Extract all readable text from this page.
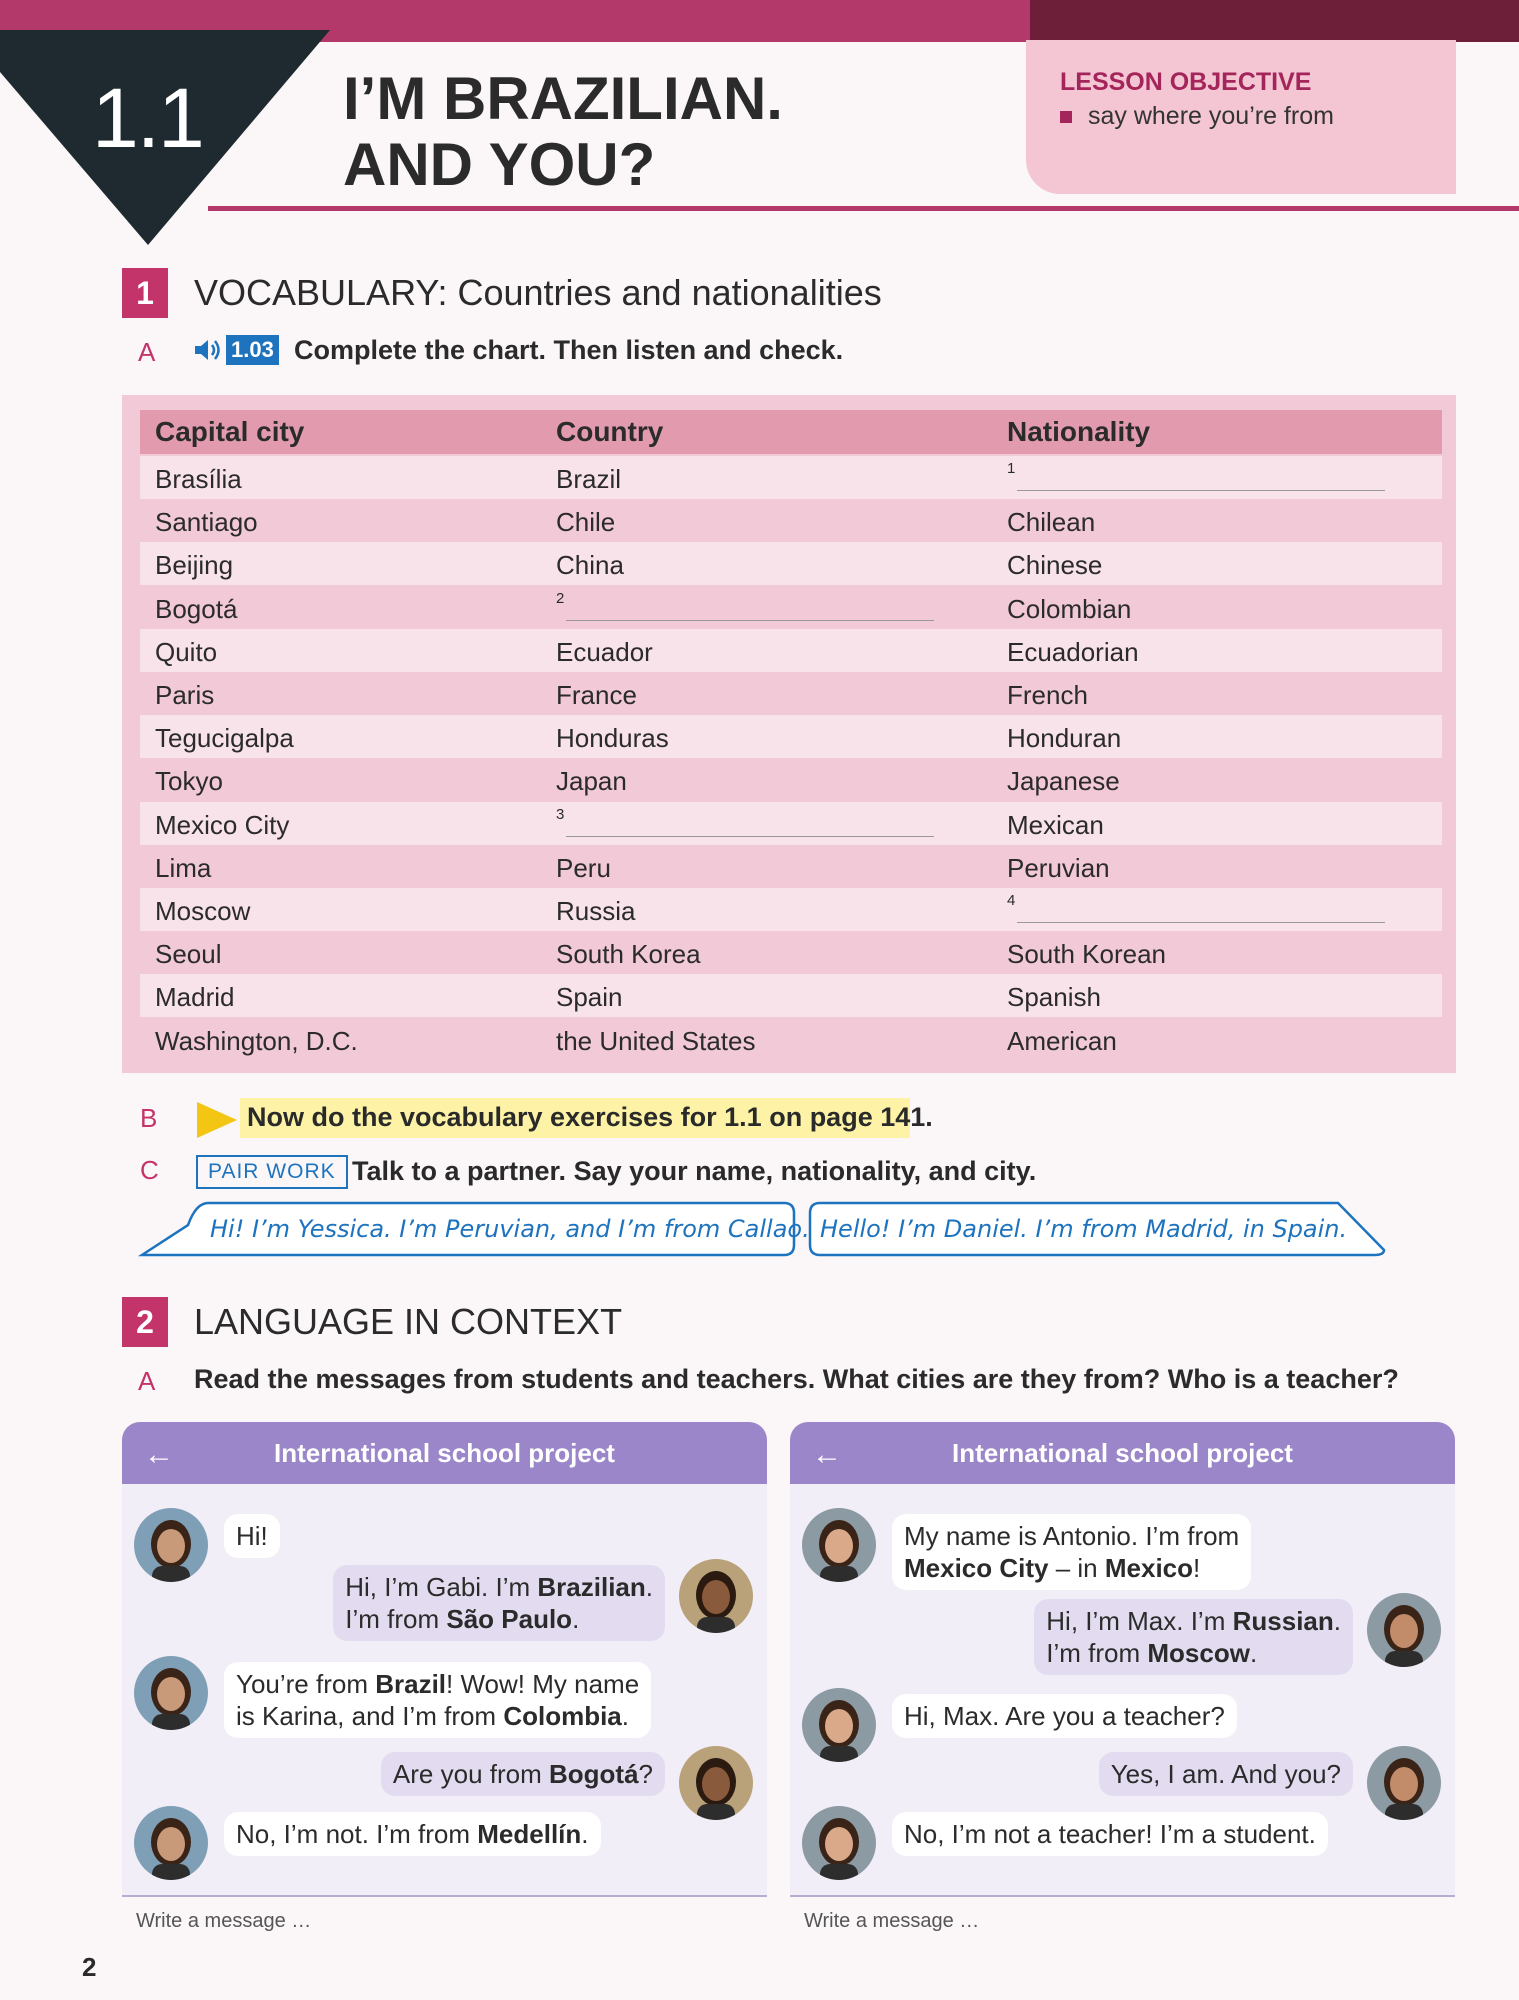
1.1 I’M BRAZILIAN.
AND YOU?
LESSON OBJECTIVE
say where you’re from
1	VOCABULARY: Countries and nationalities
A	1.03 Complete the chart. Then listen and check.
Capital city	Country	Nationality
Brasília	Brazil	1
Santiago	Chile	Chilean
Beijing	China	Chinese
Bogotá	2	Colombian
Quito	Ecuador	Ecuadorian
Paris	France	French
Tegucigalpa	Honduras	Honduran
Tokyo	Japan	Japanese
Mexico City	3	Mexican
Lima	Peru	Peruvian
Moscow	Russia	4
Seoul	South Korea	South Korean
Madrid	Spain	Spanish
Washington, D.C.	the United States	American
B	Now do the vocabulary exercises for 1.1 on page 141.
C	PAIR WORK Talk to a partner. Say your name, nationality, and city.
Hi! I’m Yessica. I’m Peruvian, and I’m from Callao. Hello! I’m Daniel. I’m from Madrid, in Spain.
2	LANGUAGE IN CONTEXT
A Read the messages from students and teachers. What cities are they from? Who is a teacher?
←	International school project
Hi!
Hi, I’m Gabi. I’m Brazilian.
I’m from São Paulo.
You’re from Brazil! Wow! My name
is Karina, and I’m from Colombia.
Are you from Bogotá?
No, I’m not. I’m from Medellín.
Write a message …
←	International school project
My name is Antonio. I’m from
Mexico City – in Mexico!
Hi, I’m Max. I’m Russian.
I’m from Moscow.
Hi, Max. Are you a teacher?
Yes, I am. And you?
No, I’m not a teacher! I’m a student.
Write a message …
2
